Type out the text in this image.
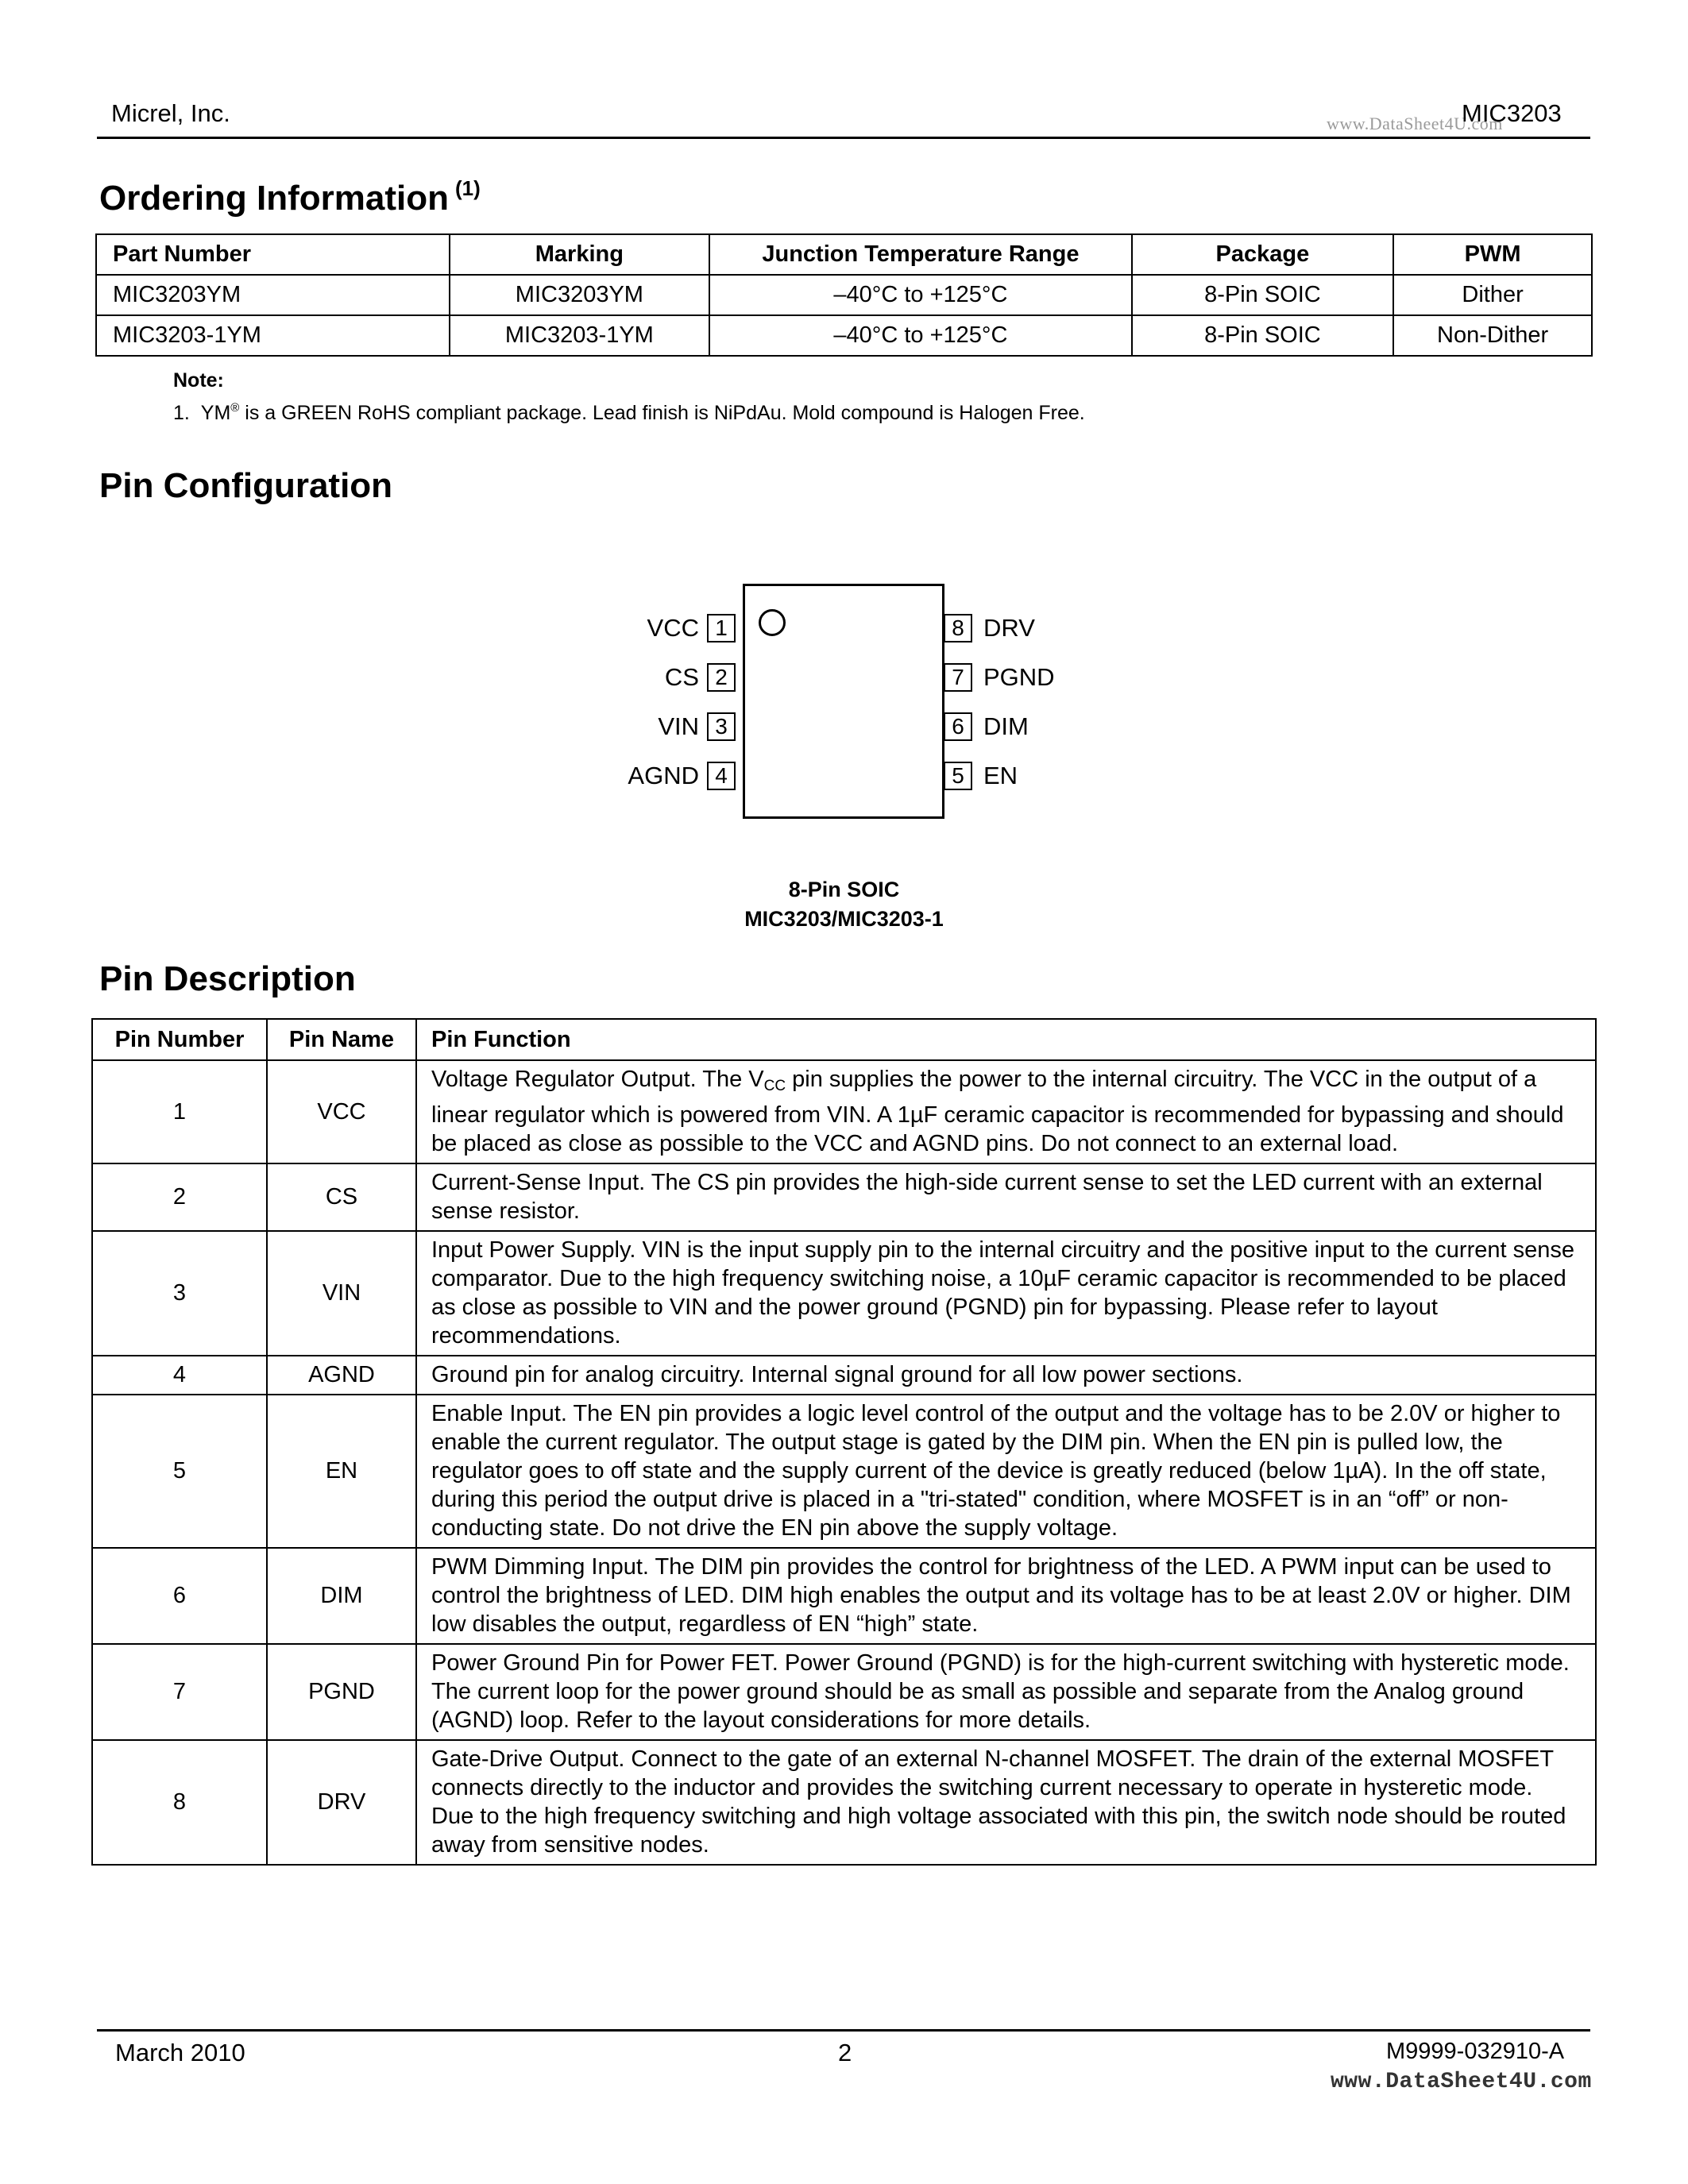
Micrel, Inc.	www.DataSheet4U.com
MIC3203
Ordering Information $^{(1)}$
Part Number	Marking	Junction Temperature Range	Package	PWM
MIC3203YM	MIC3203YM	–40°C to +125°C	8-Pin SOIC	Dither
MIC3203-1YM	MIC3203-1YM	–40°C to +125°C	8-Pin SOIC	Non-Dither
Note:
1. YM® is a GREEN RoHS compliant package. Lead finish is NiPdAu. Mold compound is Halogen Free.
Pin Configuration
VCC 1
CS 2
VIN 3
AGND 4
8 DRV
7 PGND
6 DIM
5 EN
8-Pin SOIC
MIC3203/MIC3203-1
Pin Description
Pin Number	Pin Name	Pin Function
1	VCC	Voltage Regulator Output. The $V_{CC}$ pin supplies the power to the internal circuitry. The VCC in the output of a linear regulator which is powered from VIN. A 1µF ceramic capacitor is recommended for bypassing and should be placed as close as possible to the VCC and AGND pins. Do not connect to an external load.
2	CS	Current-Sense Input. The CS pin provides the high-side current sense to set the LED current with an external sense resistor.
3	VIN	Input Power Supply. VIN is the input supply pin to the internal circuitry and the positive input to the current sense comparator. Due to the high frequency switching noise, a 10µF ceramic capacitor is recommended to be placed as close as possible to VIN and the power ground (PGND) pin for bypassing. Please refer to layout recommendations.
4	AGND	Ground pin for analog circuitry. Internal signal ground for all low power sections.
5	EN	Enable Input. The EN pin provides a logic level control of the output and the voltage has to be 2.0V or higher to enable the current regulator. The output stage is gated by the DIM pin. When the EN pin is pulled low, the regulator goes to off state and the supply current of the device is greatly reduced (below 1µA). In the off state, during this period the output drive is placed in a "tri-stated" condition, where MOSFET is in an “off” or non-conducting state. Do not drive the EN pin above the supply voltage.
6	DIM	PWM Dimming Input. The DIM pin provides the control for brightness of the LED. A PWM input can be used to control the brightness of LED. DIM high enables the output and its voltage has to be at least 2.0V or higher. DIM low disables the output, regardless of EN “high” state.
7	PGND	Power Ground Pin for Power FET. Power Ground (PGND) is for the high-current switching with hysteretic mode. The current loop for the power ground should be as small as possible and separate from the Analog ground (AGND) loop. Refer to the layout considerations for more details.
8	DRV	Gate-Drive Output. Connect to the gate of an external N-channel MOSFET. The drain of the external MOSFET connects directly to the inductor and provides the switching current necessary to operate in hysteretic mode. Due to the high frequency switching and high voltage associated with this pin, the switch node should be routed away from sensitive nodes.
March 2010	2	M9999-032910-A
www.DataSheet4U.com
